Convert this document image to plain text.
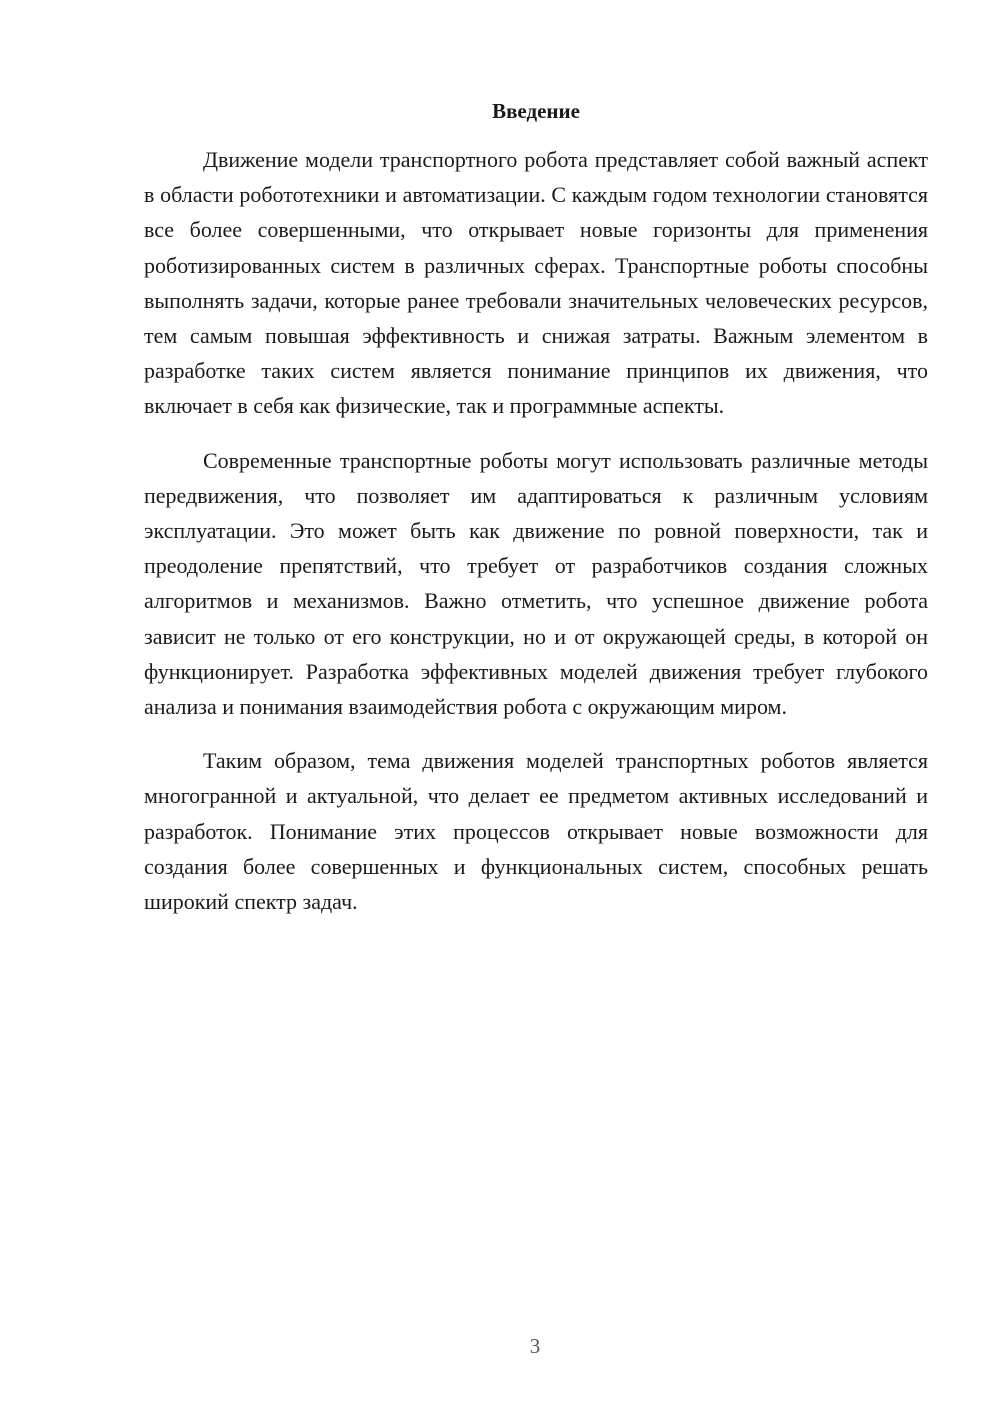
Введение

Движение модели транспортного робота представляет собой важный аспект в области робототехники и автоматизации. С каждым годом технологии становятся все более совершенными, что открывает новые горизонты для применения роботизированных систем в различных сферах. Транспортные роботы способны выполнять задачи, которые ранее требовали значительных человеческих ресурсов, тем самым повышая эффективность и снижая затраты. Важным элементом в разработке таких систем является понимание принципов их движения, что включает в себя как физические, так и программные аспекты.

Современные транспортные роботы могут использовать различные методы передвижения, что позволяет им адаптироваться к различным условиям эксплуатации. Это может быть как движение по ровной поверхности, так и преодоление препятствий, что требует от разработчиков создания сложных алгоритмов и механизмов. Важно отметить, что успешное движение робота зависит не только от его конструкции, но и от окружающей среды, в которой он функционирует. Разработка эффективных моделей движения требует глубокого анализа и понимания взаимодействия робота с окружающим миром.

Таким образом, тема движения моделей транспортных роботов является многогранной и актуальной, что делает ее предметом активных исследований и разработок. Понимание этих процессов открывает новые возможности для создания более совершенных и функциональных систем, способных решать широкий спектр задач.

3
